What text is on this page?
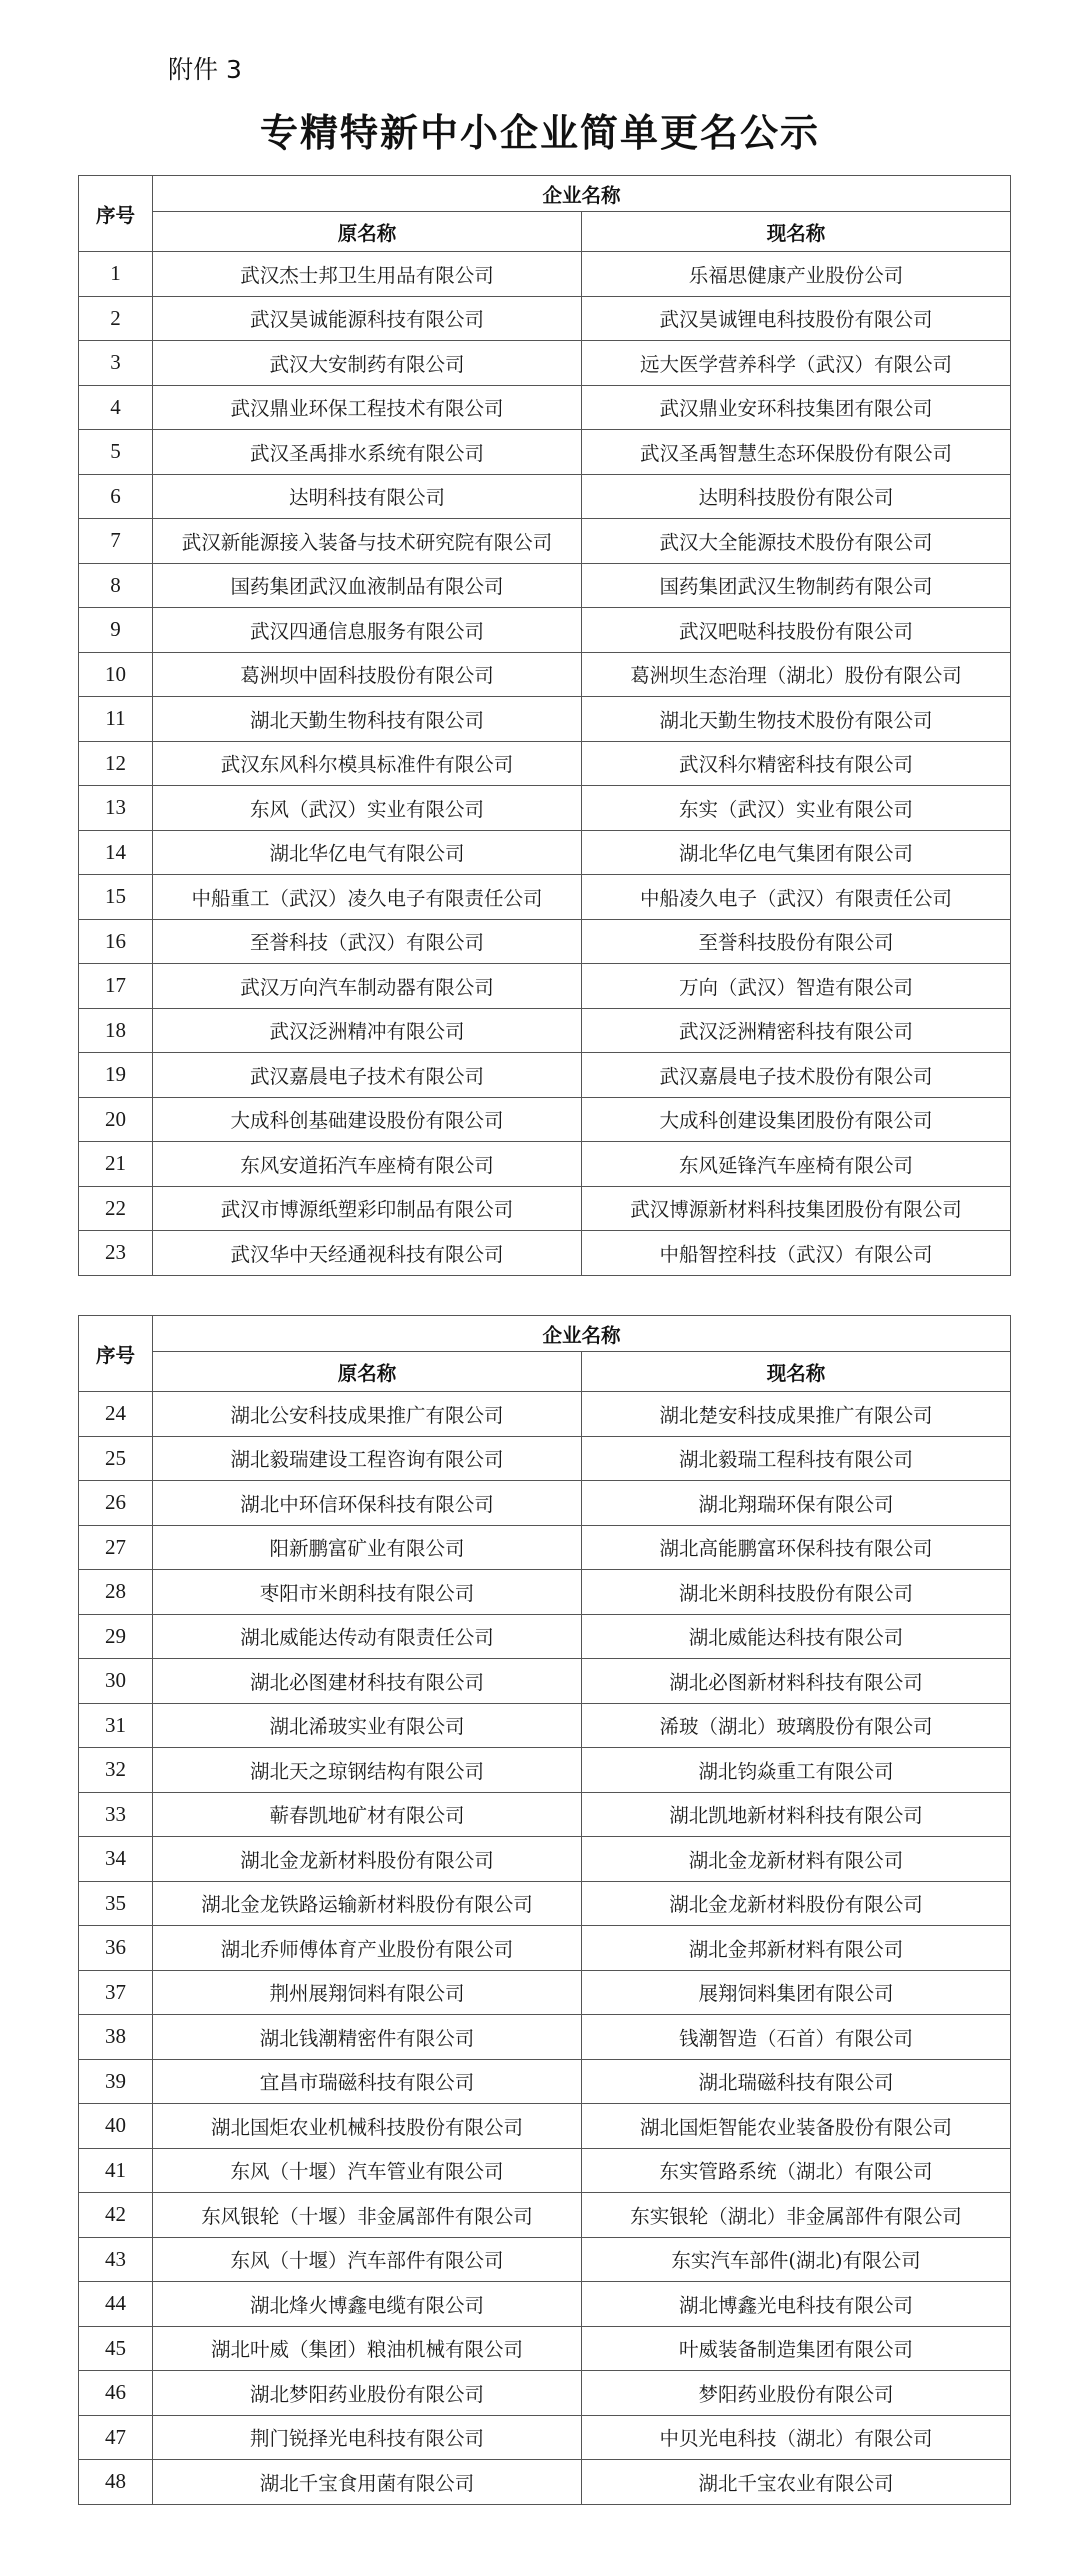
附件 3
专精特新中小企业简单更名公示
序号	企业名称	
	原名称	现名称
1	武汉杰士邦卫生用品有限公司	乐福思健康产业股份公司
2	武汉昊诚能源科技有限公司	武汉昊诚锂电科技股份有限公司
3	武汉大安制药有限公司	远大医学营养科学（武汉）有限公司
4	武汉鼎业环保工程技术有限公司	武汉鼎业安环科技集团有限公司
5	武汉圣禹排水系统有限公司	武汉圣禹智慧生态环保股份有限公司
6	达明科技有限公司	达明科技股份有限公司
7	武汉新能源接入装备与技术研究院有限公司	武汉大全能源技术股份有限公司
8	国药集团武汉血液制品有限公司	国药集团武汉生物制药有限公司
9	武汉四通信息服务有限公司	武汉吧哒科技股份有限公司
10	葛洲坝中固科技股份有限公司	葛洲坝生态治理（湖北）股份有限公司
11	湖北天勤生物科技有限公司	湖北天勤生物技术股份有限公司
12	武汉东风科尔模具标准件有限公司	武汉科尔精密科技有限公司
13	东风（武汉）实业有限公司	东实（武汉）实业有限公司
14	湖北华亿电气有限公司	湖北华亿电气集团有限公司
15	中船重工（武汉）凌久电子有限责任公司	中船凌久电子（武汉）有限责任公司
16	至誉科技（武汉）有限公司	至誉科技股份有限公司
17	武汉万向汽车制动器有限公司	万向（武汉）智造有限公司
18	武汉泛洲精冲有限公司	武汉泛洲精密科技有限公司
19	武汉嘉晨电子技术有限公司	武汉嘉晨电子技术股份有限公司
20	大成科创基础建设股份有限公司	大成科创建设集团股份有限公司
21	东风安道拓汽车座椅有限公司	东风延锋汽车座椅有限公司
22	武汉市博源纸塑彩印制品有限公司	武汉博源新材料科技集团股份有限公司
23	武汉华中天经通视科技有限公司	中船智控科技（武汉）有限公司
序号	企业名称	
	原名称	现名称
24	湖北公安科技成果推广有限公司	湖北楚安科技成果推广有限公司
25	湖北毅瑞建设工程咨询有限公司	湖北毅瑞工程科技有限公司
26	湖北中环信环保科技有限公司	湖北翔瑞环保有限公司
27	阳新鹏富矿业有限公司	湖北高能鹏富环保科技有限公司
28	枣阳市米朗科技有限公司	湖北米朗科技股份有限公司
29	湖北威能达传动有限责任公司	湖北威能达科技有限公司
30	湖北必图建材科技有限公司	湖北必图新材料科技有限公司
31	湖北浠玻实业有限公司	浠玻（湖北）玻璃股份有限公司
32	湖北天之琼钢结构有限公司	湖北钧焱重工有限公司
33	蕲春凯地矿材有限公司	湖北凯地新材料科技有限公司
34	湖北金龙新材料股份有限公司	湖北金龙新材料有限公司
35	湖北金龙铁路运输新材料股份有限公司	湖北金龙新材料股份有限公司
36	湖北乔师傅体育产业股份有限公司	湖北金邦新材料有限公司
37	荆州展翔饲料有限公司	展翔饲料集团有限公司
38	湖北钱潮精密件有限公司	钱潮智造（石首）有限公司
39	宜昌市瑞磁科技有限公司	湖北瑞磁科技有限公司
40	湖北国炬农业机械科技股份有限公司	湖北国炬智能农业装备股份有限公司
41	东风（十堰）汽车管业有限公司	东实管路系统（湖北）有限公司
42	东风银轮（十堰）非金属部件有限公司	东实银轮（湖北）非金属部件有限公司
43	东风（十堰）汽车部件有限公司	东实汽车部件(湖北)有限公司
44	湖北烽火博鑫电缆有限公司	湖北博鑫光电科技有限公司
45	湖北叶威（集团）粮油机械有限公司	叶威装备制造集团有限公司
46	湖北梦阳药业股份有限公司	梦阳药业股份有限公司
47	荆门锐择光电科技有限公司	中贝光电科技（湖北）有限公司
48	湖北千宝食用菌有限公司	湖北千宝农业有限公司
